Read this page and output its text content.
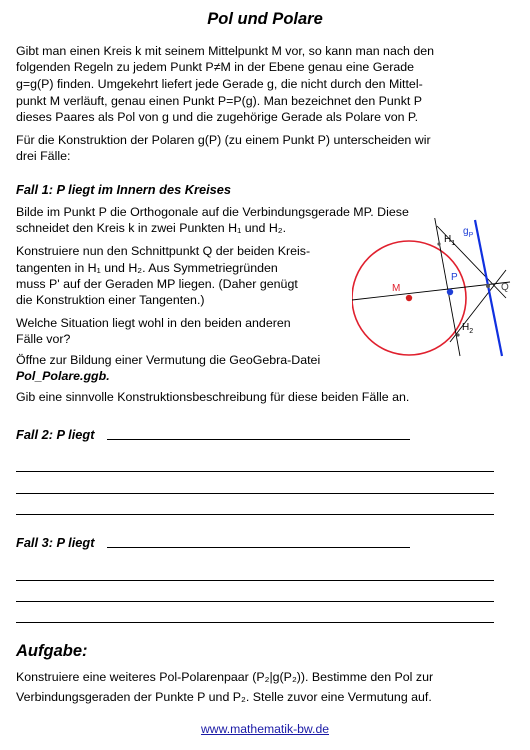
Pol und Polare
Gibt man einen Kreis k mit seinem Mittelpunkt M vor, so kann man nach den
folgenden Regeln zu jedem Punkt P≠M in der Ebene genau eine Gerade
g=g(P) finden. Umgekehrt liefert jede Gerade g, die nicht durch den Mittel-
punkt M verläuft, genau einen Punkt P=P(g). Man bezeichnet den Punkt P
dieses Paares als Pol von g und die zugehörige Gerade als Polare von P.
Für die Konstruktion der Polaren g(P) (zu einem Punkt P) unterscheiden wir
drei Fälle:
Fall 1: P liegt im Innern des Kreises
Bilde im Punkt P die Orthogonale auf die Verbindungsgerade MP. Diese
schneidet den Kreis k in zwei Punkten H₁ und H₂.
Konstruiere nun den Schnittpunkt Q der beiden Kreis-
tangenten in H₁ und H₂. Aus Symmetriegründen
muss P' auf der Geraden MP liegen. (Daher genügt
die Konstruktion einer Tangenten.)
Welche Situation liegt wohl in den beiden anderen
Fälle vor?
Öffne zur Bildung einer Vermutung die GeoGebra-Datei
Pol_Polare.ggb.
Gib eine sinnvolle Konstruktionsbeschreibung für diese beiden Fälle an.
M
P
Q
$H_1$
$H_2$
$g_P$
Fall 2: P liegt
Fall 3: P liegt
Aufgabe:
Konstruiere eine weiteres Pol-Polarenpaar (P₂|g(P₂)). Bestimme den Pol zur
Verbindungsgeraden der Punkte P und P₂. Stelle zuvor eine Vermutung auf.
www.mathematik-bw.de
